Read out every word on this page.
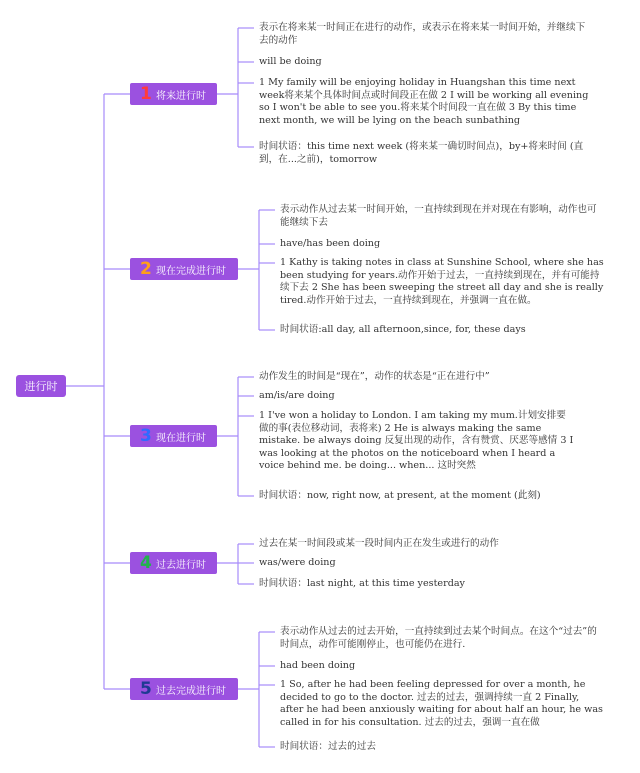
进行时
1 将来进行时
表示在将来某一时间正在进行的动作，或表示在将来某一时间开始，并继续下去的动作
will be doing
1 My family will be enjoying holiday in Huangshan this time next week将来某个具体时间点或时间段正在做 2 I will be working all evening so I won't be able to see you.将来某个时间段一直在做 3 By this time next month, we will be lying on the beach sunbathing
时间状语：this time next week (将来某一确切时间点)，by+将来时间 (直到，在...之前)，tomorrow
2 现在完成进行时
表示动作从过去某一时间开始，一直持续到现在并对现在有影响，动作也可能继续下去
have/has been doing
1 Kathy is taking notes in class at Sunshine School, where she has been studying for years.动作开始于过去，一直持续到现在，并有可能持续下去 2 She has been sweeping the street all day and she is really tired.动作开始于过去，一直持续到现在，并强调一直在做。
时间状语:all day, all afternoon,since, for, these days
3 现在进行时
动作发生的时间是“现在”，动作的状态是“正在进行中”
am/is/are doing
1 I've won a holiday to London. I am taking my mum.计划安排要做的事(表位移动词，表将来) 2 He is always making the same mistake. be always doing 反复出现的动作，含有赞赏、厌恶等感情 3 I was looking at the photos on the noticeboard when I heard a voice behind me. be doing... when... 这时突然
时间状语：now, right now, at present, at the moment (此刻)
4 过去进行时
过去在某一时间段或某一段时间内正在发生或进行的动作
was/were doing
时间状语：last night, at this time yesterday
5 过去完成进行时
表示动作从过去的过去开始，一直持续到过去某个时间点。在这个“过去”的时间点，动作可能刚停止，也可能仍在进行.
had been doing
1 So, after he had been feeling depressed for over a month, he decided to go to the doctor. 过去的过去，强调持续一直 2 Finally, after he had been anxiously waiting for about half an hour, he was called in for his consultation. 过去的过去，强调一直在做
时间状语：过去的过去
